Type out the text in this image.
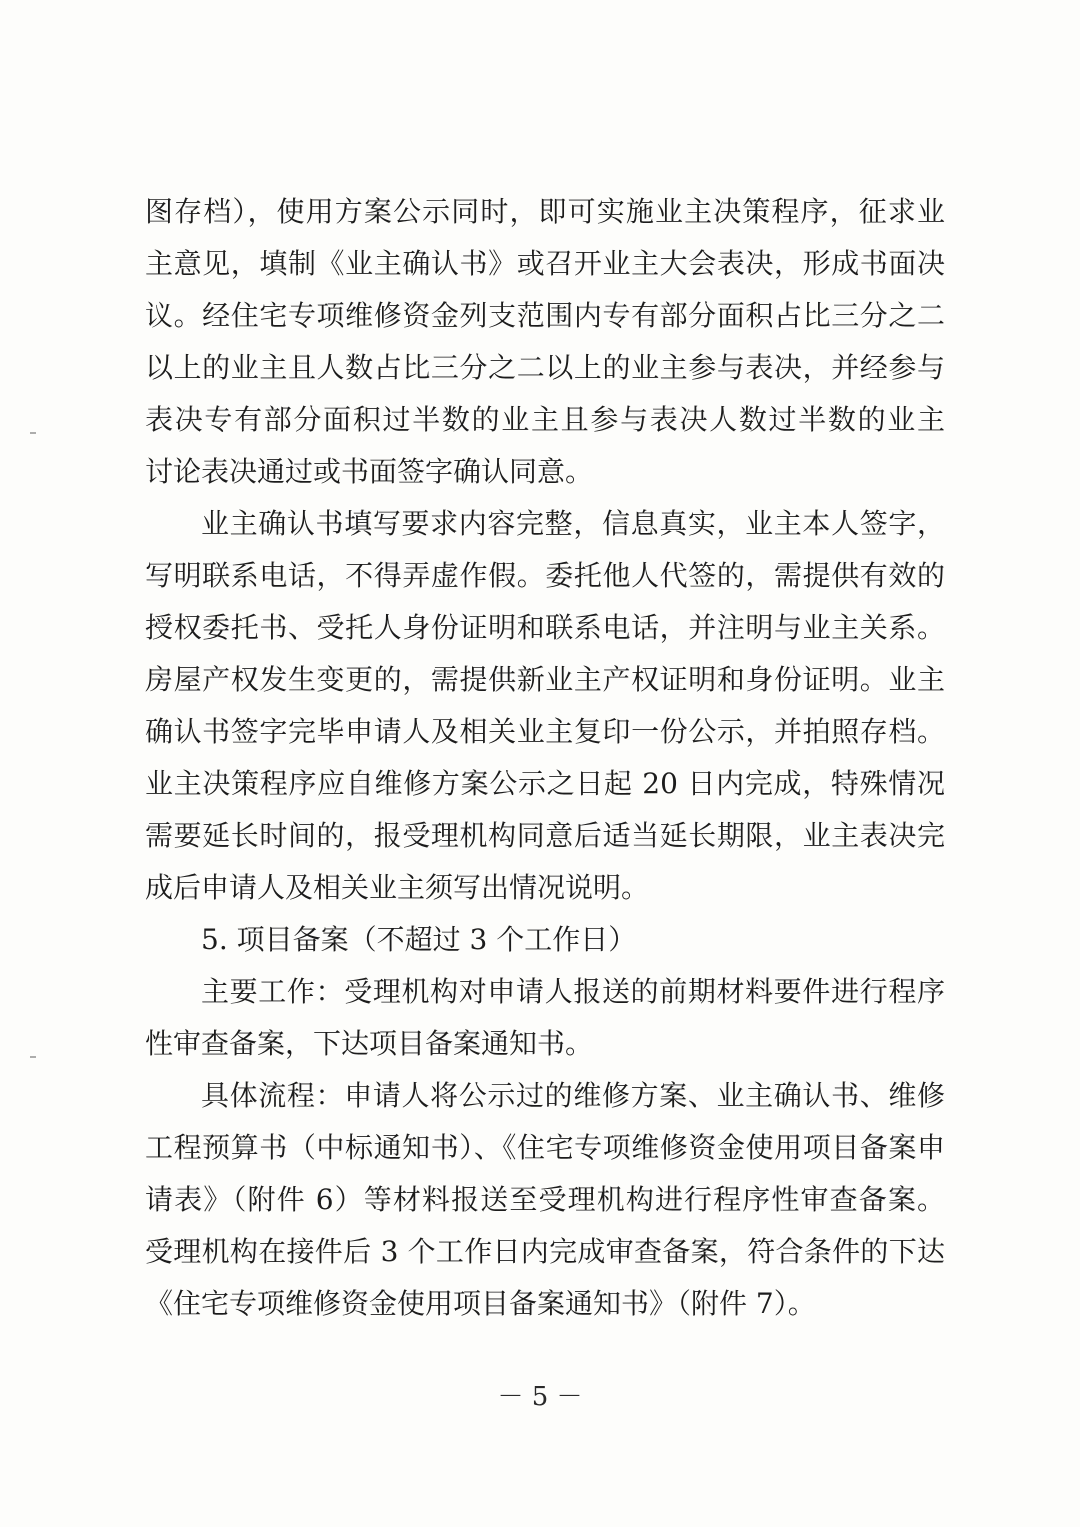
图存档），使用方案公示同时，即可实施业主决策程序，征求业
主意见，填制《业主确认书》或召开业主大会表决，形成书面决
议。经住宅专项维修资金列支范围内专有部分面积占比三分之二
以上的业主且人数占比三分之二以上的业主参与表决，并经参与
表决专有部分面积过半数的业主且参与表决人数过半数的业主
讨论表决通过或书面签字确认同意。
业主确认书填写要求内容完整，信息真实，业主本人签字，
写明联系电话，不得弄虚作假。委托他人代签的，需提供有效的
授权委托书、受托人身份证明和联系电话，并注明与业主关系。
房屋产权发生变更的，需提供新业主产权证明和身份证明。业主
确认书签字完毕申请人及相关业主复印一份公示，并拍照存档。
业主决策程序应自维修方案公示之日起 20 日内完成，特殊情况
需要延长时间的，报受理机构同意后适当延长期限，业主表决完
成后申请人及相关业主须写出情况说明。
5. 项目备案（不超过 3 个工作日）
主要工作：受理机构对申请人报送的前期材料要件进行程序
性审查备案，下达项目备案通知书。
具体流程：申请人将公示过的维修方案、业主确认书、维修
工程预算书（中标通知书）、《住宅专项维修资金使用项目备案申
请表》（附件 6）等材料报送至受理机构进行程序性审查备案。
受理机构在接件后 3 个工作日内完成审查备案，符合条件的下达
《住宅专项维修资金使用项目备案通知书》（附件 7）。
－ 5 －
